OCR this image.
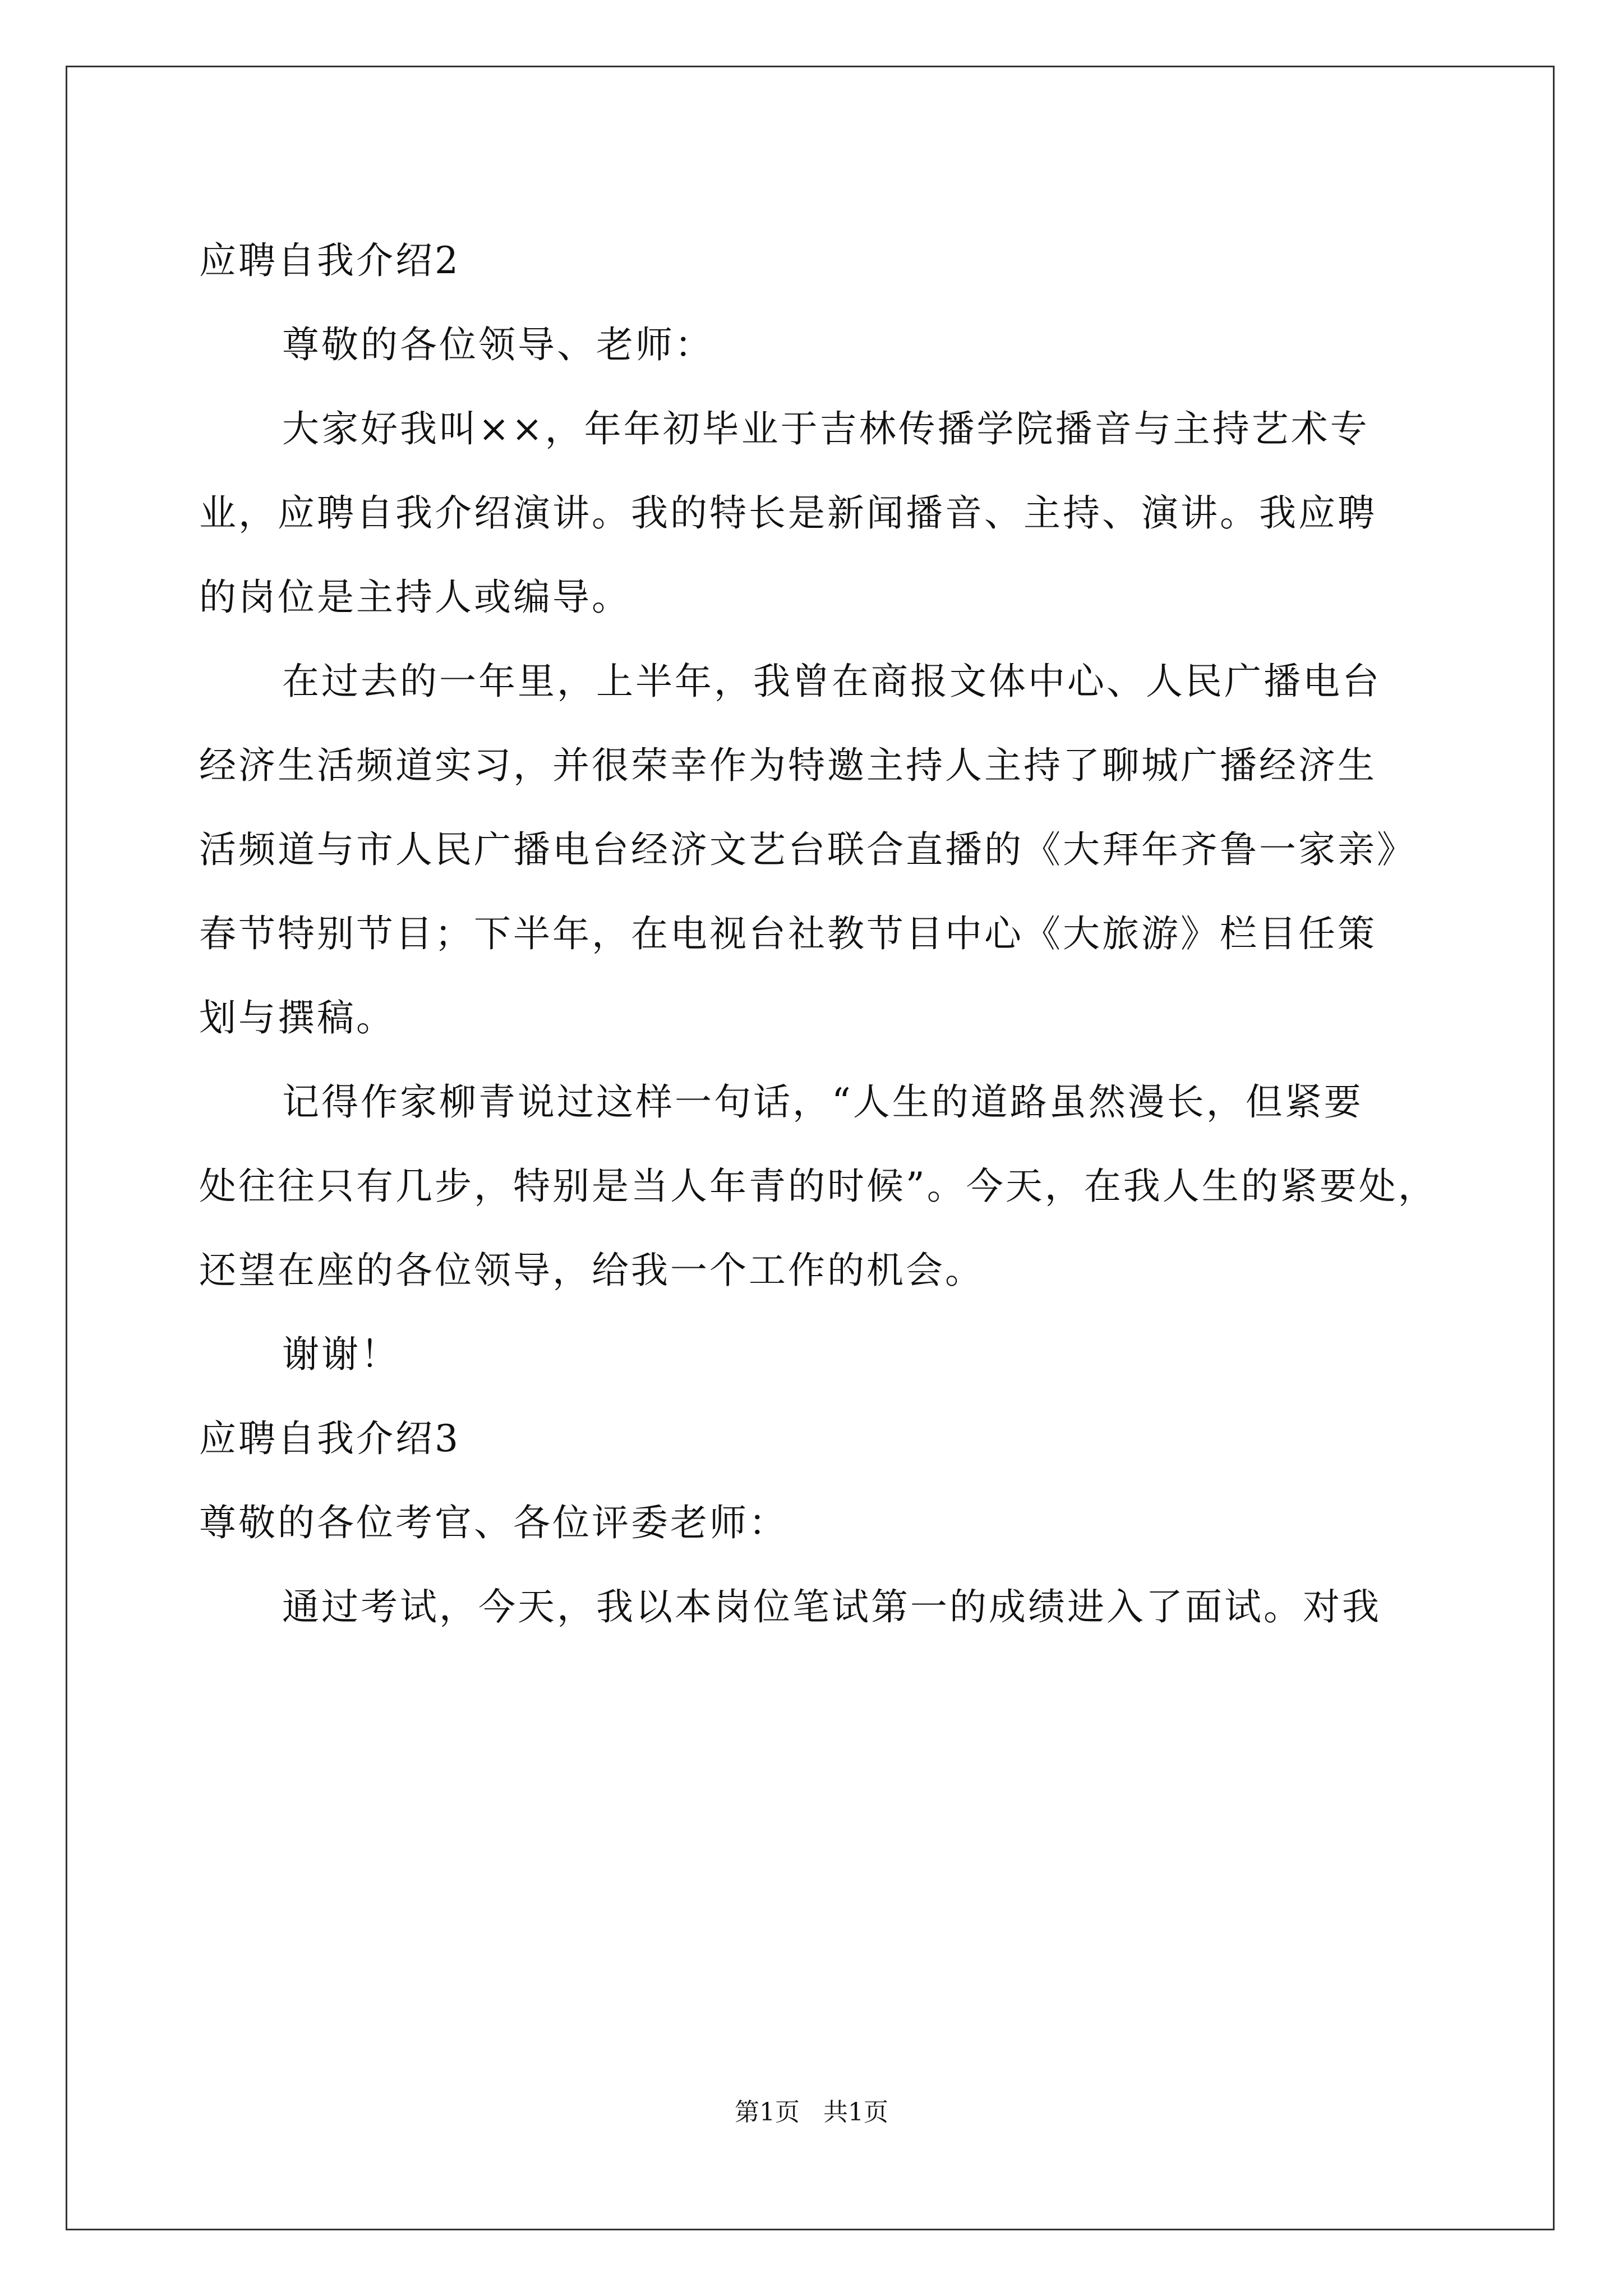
应聘自我介绍2
尊敬的各位领导、老师：
大家好我叫××，年年初毕业于吉林传播学院播音与主持艺术专
业，应聘自我介绍演讲。我的特长是新闻播音、主持、演讲。我应聘
的岗位是主持人或编导。
在过去的一年里，上半年，我曾在商报文体中心、人民广播电台
经济生活频道实习，并很荣幸作为特邀主持人主持了聊城广播经济生
活频道与市人民广播电台经济文艺台联合直播的《大拜年齐鲁一家亲》
春节特别节目；下半年，在电视台社教节目中心《大旅游》栏目任策
划与撰稿。
记得作家柳青说过这样一句话，“人生的道路虽然漫长，但紧要
处往往只有几步，特别是当人年青的时候”。今天，在我人生的紧要处，
还望在座的各位领导，给我一个工作的机会。
谢谢！
应聘自我介绍3
尊敬的各位考官、各位评委老师：
通过考试，今天，我以本岗位笔试第一的成绩进入了面试。对我
第1页   共1页
